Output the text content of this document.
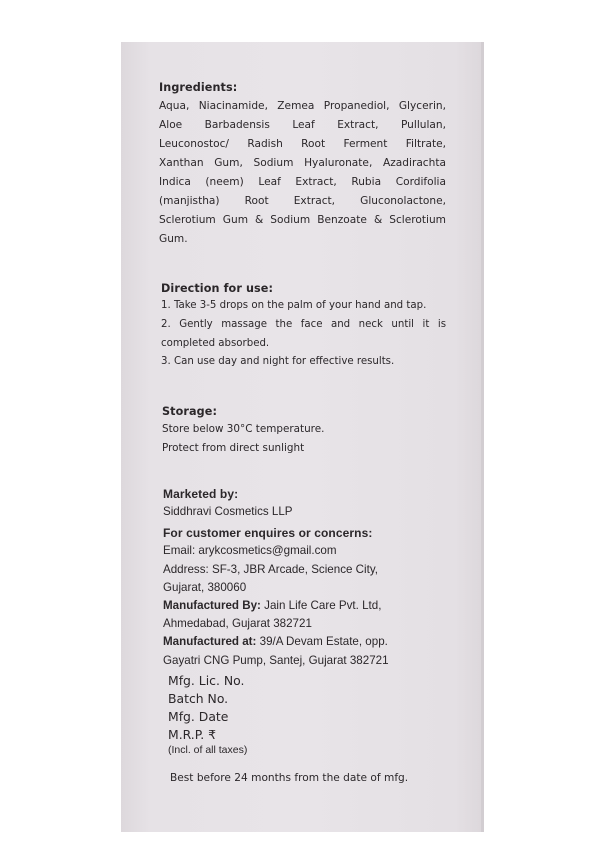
Ingredients:

Aqua, Niacinamide, Zemea Propanediol, Glycerin,

Aloe Barbadensis Leaf Extract, Pullulan,

Leuconostoc/ Radish Root Ferment Filtrate,

Xanthan Gum, Sodium Hyaluronate, Azadirachta

Indica (neem) Leaf Extract, Rubia Cordifolia

(manjistha) Root Extract, Gluconolactone,

Sclerotium Gum & Sodium Benzoate & Sclerotium

Gum.

Direction for use:

1. Take 3-5 drops on the palm of your hand and tap.

2. Gently massage the face and neck until it is

completed absorbed.

3. Can use day and night for effective results.

Storage:

Store below 30°C temperature.

Protect from direct sunlight

Marketed by:

Siddhravi Cosmetics LLP

For customer enquires or concerns:

Email: arykcosmetics@gmail.com

Address: SF-3, JBR Arcade, Science City,

Gujarat, 380060

Manufactured By: Jain Life Care Pvt. Ltd,

Ahmedabad, Gujarat 382721

Manufactured at: 39/A Devam Estate, opp.

Gayatri CNG Pump, Santej, Gujarat 382721

Mfg. Lic. No.

Batch No.

Mfg. Date

M.R.P. ₹

(Incl. of all taxes)

Best before 24 months from the date of mfg.
